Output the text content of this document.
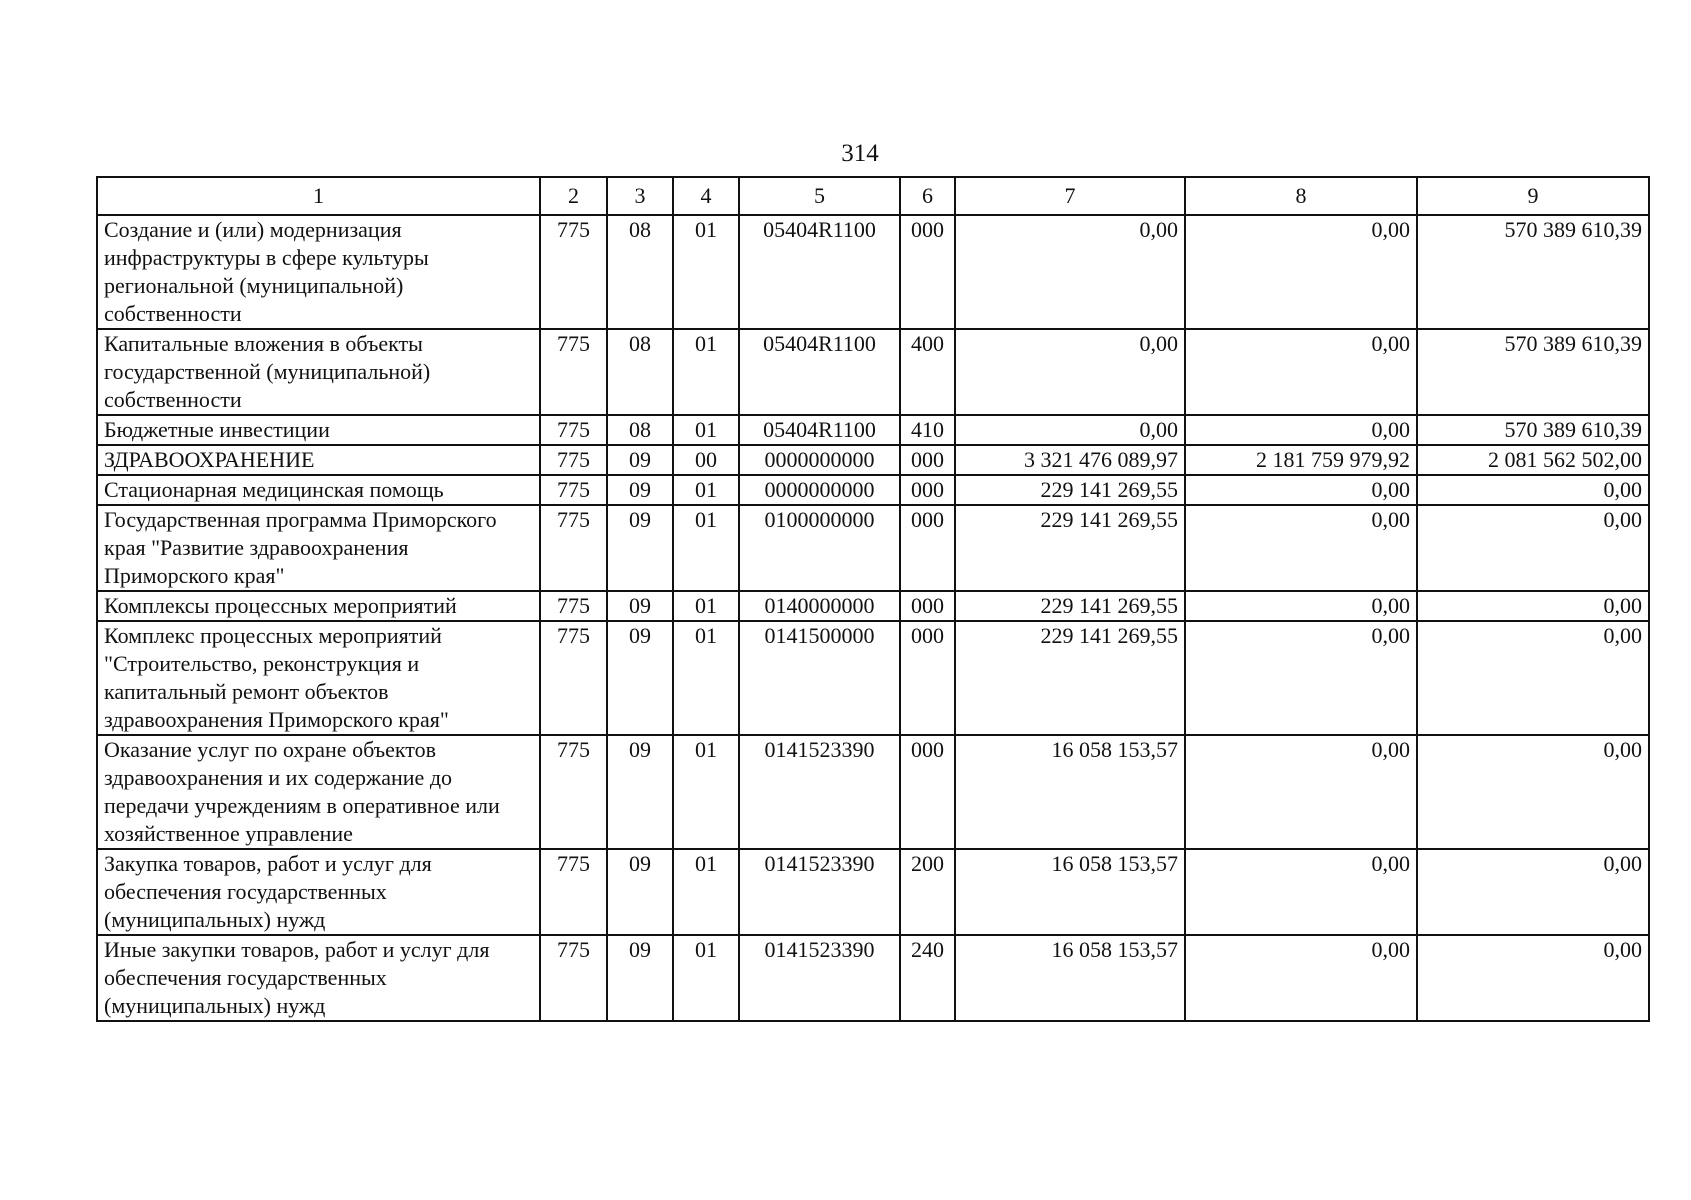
314
1	2	3	4	5	6	7	8	9
Создание и (или) модернизация инфраструктуры в сфере культуры региональной (муниципальной) собственности	775	08	01	05404R1100	000	0,00	0,00	570 389 610,39
Капитальные вложения в объекты государственной (муниципальной) собственности	775	08	01	05404R1100	400	0,00	0,00	570 389 610,39
Бюджетные инвестиции	775	08	01	05404R1100	410	0,00	0,00	570 389 610,39
ЗДРАВООХРАНЕНИЕ	775	09	00	0000000000	000	3 321 476 089,97	2 181 759 979,92	2 081 562 502,00
Стационарная медицинская помощь	775	09	01	0000000000	000	229 141 269,55	0,00	0,00
Государственная программа Приморского края "Развитие здравоохранения Приморского края"	775	09	01	0100000000	000	229 141 269,55	0,00	0,00
Комплексы процессных мероприятий	775	09	01	0140000000	000	229 141 269,55	0,00	0,00
Комплекс процессных мероприятий "Строительство, реконструкция и капитальный ремонт объектов здравоохранения Приморского края"	775	09	01	0141500000	000	229 141 269,55	0,00	0,00
Оказание услуг по охране объектов здравоохранения и их содержание до передачи учреждениям в оперативное или хозяйственное управление	775	09	01	0141523390	000	16 058 153,57	0,00	0,00
Закупка товаров, работ и услуг для обеспечения государственных (муниципальных) нужд	775	09	01	0141523390	200	16 058 153,57	0,00	0,00
Иные закупки товаров, работ и услуг для обеспечения государственных (муниципальных) нужд	775	09	01	0141523390	240	16 058 153,57	0,00	0,00
